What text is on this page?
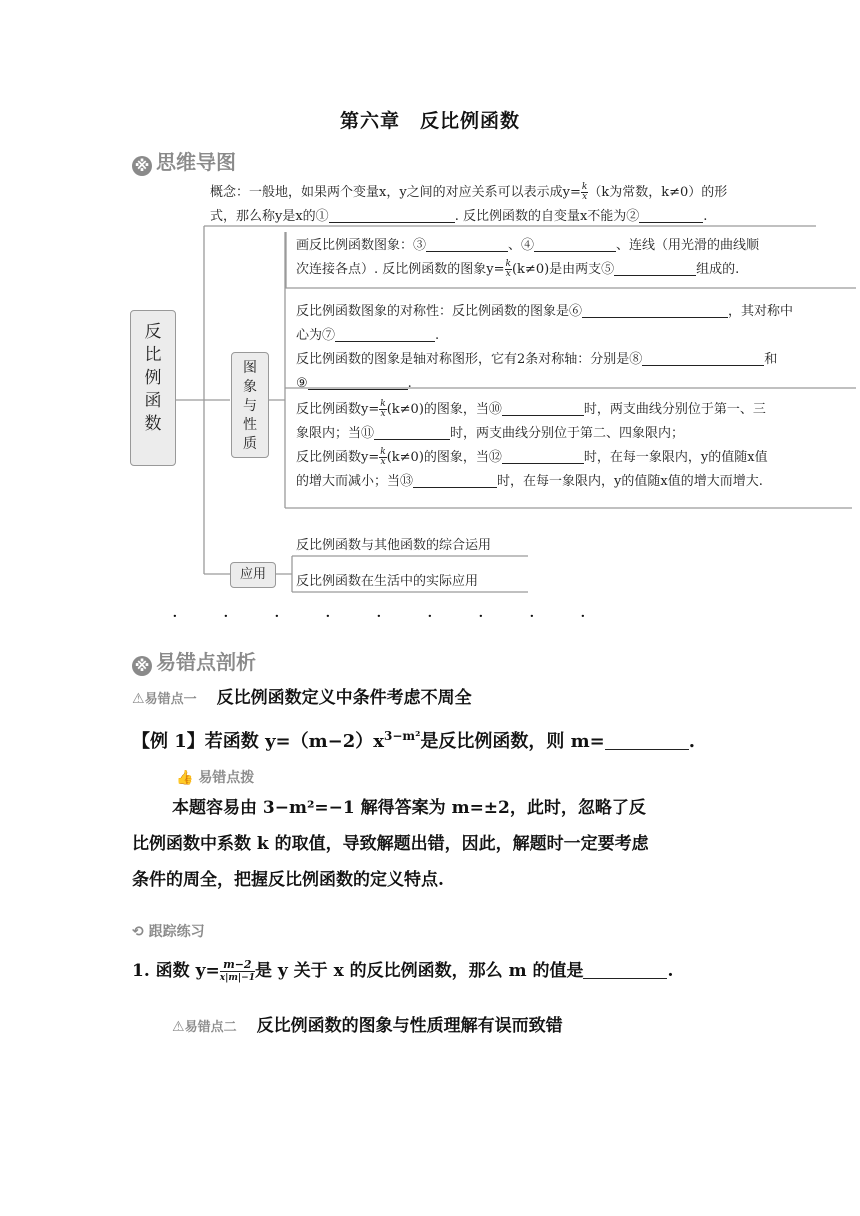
第六章　反比例函数
※ 思维导图
反比例函数
图象与性质
应用
概念：一般地，如果两个变量x，y之间的对应关系可以表示成$y= \frac{k}{x} (k$为常数，k≠0）的形
式，那么称y是x的①	. 反比例函数的自变量x不能为②	.
画反比例函数图象：③	、④	、连线（用光滑的曲线顺
次连接各点）. 反比例函数的图象$y= \frac{k}{x} (k\ne 0)$是由两支⑤	组成的.
反比例函数图象的对称性：反比例函数的图象是⑥	，其对称中
心为⑦	.
反比例函数的图象是轴对称图形，它有2条对称轴：分别是⑧	和
⑨	.
反比例函数$y= \frac{k}{x} (k\ne 0)$的图象，当⑩	时，两支曲线分别位于第一、三
象限内；当⑪	时，两支曲线分别位于第二、四象限内；
反比例函数$y= \frac{k}{x} (k\ne 0)$的图象，当⑫	时，在每一象限内，y的值随x值
的增大而减小；当⑬	时，在每一象限内，y的值随x值的增大而增大.
反比例函数与其他函数的综合运用
反比例函数在生活中的实际应用
·	·	·	·	·	·	·	·	·
※ 易错点剖析
⚠易错点一 反比例函数定义中条件考虑不周全
【例 1】若函数 $y=(m-2)x^{3-m^2}$是反比例函数，则 m=	.
👍 易错点拨
本题容易由 3−m²=−1 解得答案为 m=±2，此时，忽略了反
比例函数中系数 k 的取值，导致解题出错，因此，解题时一定要考虑
条件的周全，把握反比例函数的定义特点.
⟲ 跟踪练习
1. 函数 $y= \frac{m-2}{x|m|-1}$ 是 y 关于 x 的反比例函数，那么 m 的值是	.
⚠易错点二 反比例函数的图象与性质理解有误而致错
